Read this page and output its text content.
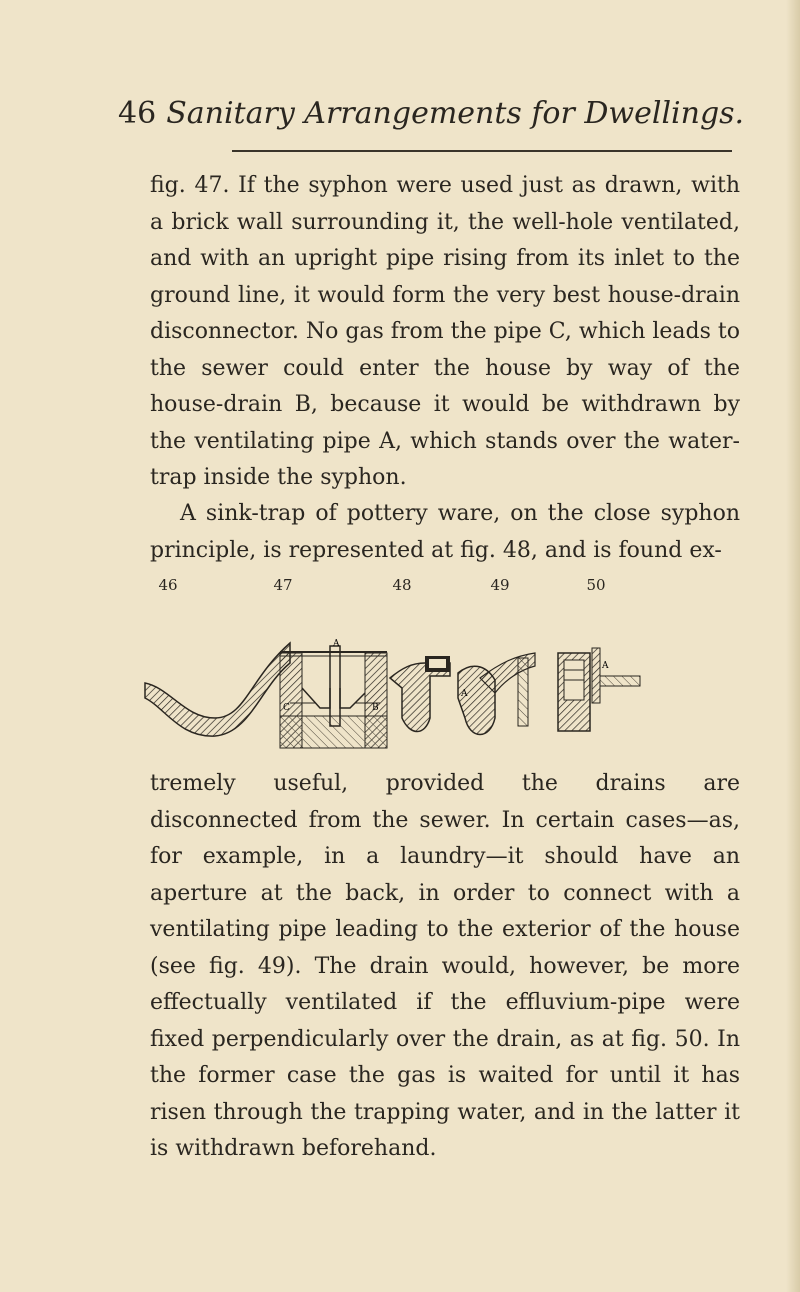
46 Sanitary Arrangements for Dwellings.

fig. 47. If the syphon were used just as drawn, with a brick wall surrounding it, the well-hole ventilated, and with an upright pipe rising from its inlet to the ground line, it would form the very best house-drain disconnector. No gas from the pipe C, which leads to the sewer could enter the house by way of the house-drain B, because it would be withdrawn by the ventilating pipe A, which stands over the water-trap inside the syphon.

A sink-trap of pottery ware, on the close syphon principle, is represented at fig. 48, and is found ex-

46	47	48	49	50
A
C	B
A
A

tremely useful, provided the drains are disconnected from the sewer. In certain cases—as, for example, in a laundry—it should have an aperture at the back, in order to connect with a ventilating pipe leading to the exterior of the house (see fig. 49). The drain would, however, be more effectually ventilated if the effluvium-pipe were fixed perpendicularly over the drain, as at fig. 50. In the former case the gas is waited for until it has risen through the trapping water, and in the latter it is withdrawn beforehand.
